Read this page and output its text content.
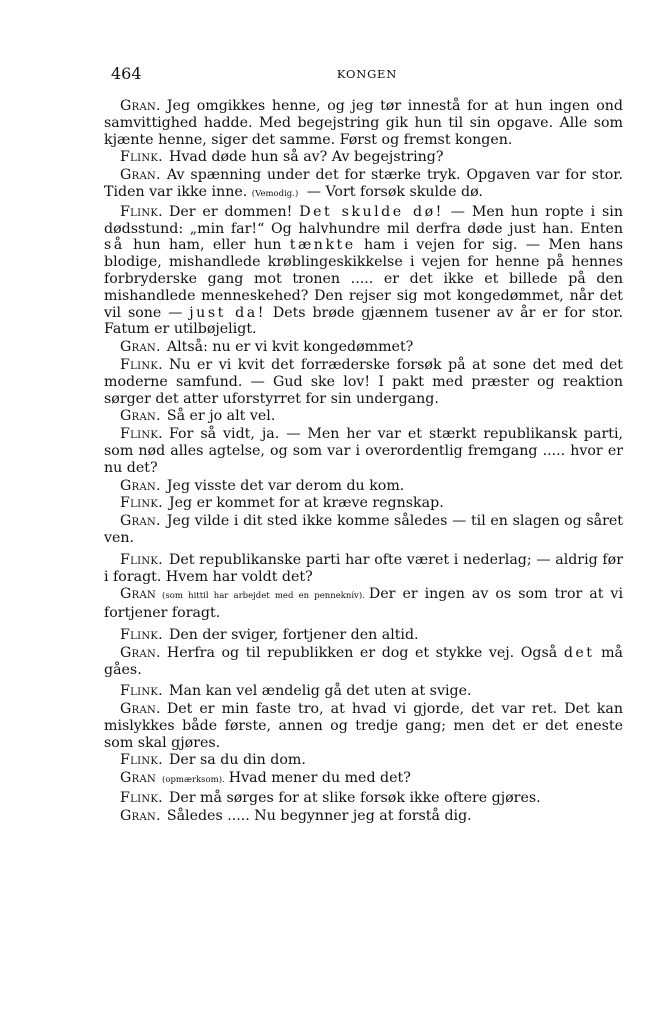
464	KONGEN

Gran. Jeg omgikkes henne, og jeg tør innestå for at hun ingen ond samvittighed hadde. Med begejstring gik hun til sin opgave. Alle som kjænte henne, siger det samme. Først og fremst kongen.

Flink. Hvad døde hun så av? Av begejstring?

Gran. Av spænning under det for stærke tryk. Opgaven var for stor. Tiden var ikke inne. (Vemodig.) — Vort forsøk skulde dø.

Flink. Der er dommen! Det skulde dø! — Men hun ropte i sin dødsstund: „min far!“ Og halvhundre mil derfra døde just han. Enten så hun ham, eller hun tænkte ham i vejen for sig. — Men hans blodige, mishandlede krøblingeskikkelse i vejen for henne på hennes forbryderske gang mot tronen ..... er det ikke et billede på den mishandlede menneskehed? Den rejser sig mot kongedømmet, når det vil sone — just da! Dets brøde gjænnem tusener av år er for stor. Fatum er utilbøjeligt.

Gran. Altså: nu er vi kvit kongedømmet?

Flink. Nu er vi kvit det forræderske forsøk på at sone det med det moderne samfund. — Gud ske lov! I pakt med præster og reaktion sørger det atter uforstyrret for sin undergang.

Gran. Så er jo alt vel.

Flink. For så vidt, ja. — Men her var et stærkt republikansk parti, som nød alles agtelse, og som var i overordentlig fremgang ..... hvor er nu det?

Gran. Jeg visste det var derom du kom.

Flink. Jeg er kommet for at kræve regnskap.

Gran. Jeg vilde i dit sted ikke komme således — til en slagen og såret ven.

Flink. Det republikanske parti har ofte været i nederlag; — aldrig før i foragt. Hvem har voldt det?

Gran (som hittil har arbejdet med en penneknív). Der er ingen av os som tror at vi fortjener foragt.

Flink. Den der sviger, fortjener den altid.

Gran. Herfra og til republikken er dog et stykke vej. Også det må gåes.

Flink. Man kan vel ændelig gå det uten at svige.

Gran. Det er min faste tro, at hvad vi gjorde, det var ret. Det kan mislykkes både første, annen og tredje gang; men det er det eneste som skal gjøres.

Flink. Der sa du din dom.

Gran (opmærksom). Hvad mener du med det?

Flink. Der må sørges for at slike forsøk ikke oftere gjøres.

Gran. Således ..... Nu begynner jeg at forstå dig.
